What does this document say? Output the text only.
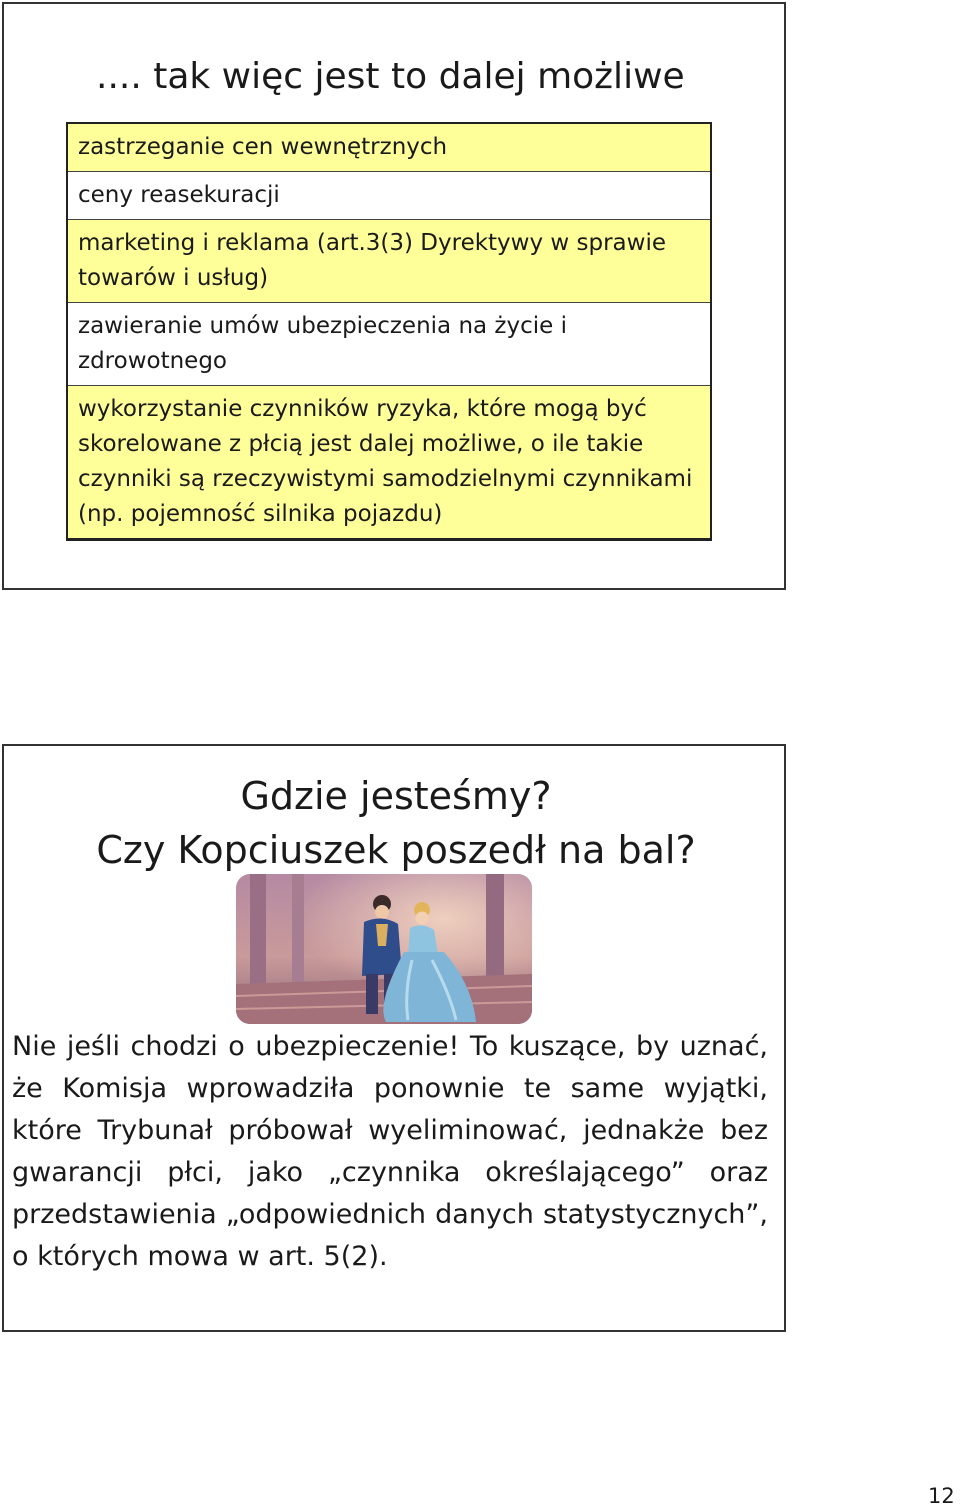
.... tak więc jest to dalej możliwe
zastrzeganie cen wewnętrznych
ceny reasekuracji
marketing i reklama (art.3(3) Dyrektywy w sprawie towarów i usług)
zawieranie umów ubezpieczenia na życie i zdrowotnego
wykorzystanie czynników ryzyka, które mogą być skorelowane z płcią jest dalej możliwe, o ile takie czynniki są rzeczywistymi samodzielnymi czynnikami (np. pojemność silnika pojazdu)
Gdzie jesteśmy?
Czy Kopciuszek poszedł na bal?
Nie jeśli chodzi o ubezpieczenie! To kuszące, by uznać, że Komisja wprowadziła ponownie te same wyjątki, które Trybunał próbował wyeliminować, jednakże bez gwarancji płci, jako „czynnika określającego” oraz przedstawienia „odpowiednich danych statystycznych”, o których mowa w art. 5(2).
12
